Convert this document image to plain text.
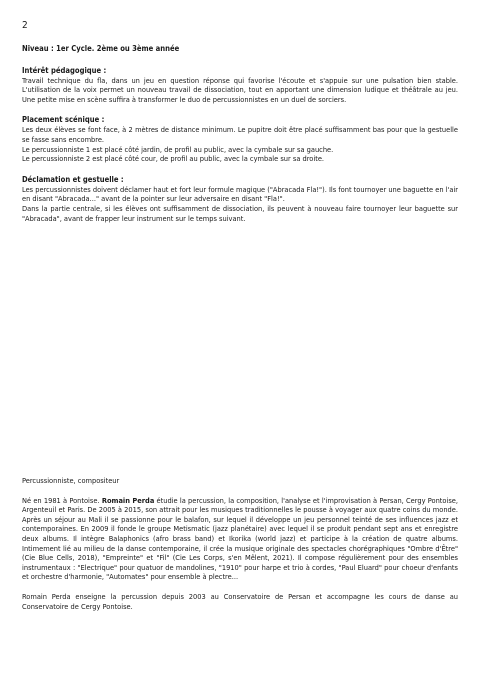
2
Niveau : 1er Cycle. 2ème ou 3ème année
Intérêt pédagogique :

Travail technique du fla, dans un jeu en question réponse qui favorise l'écoute et s'appuie sur une pulsation bien stable. L'utilisation de la voix permet un nouveau travail de dissociation, tout en apportant une dimension ludique et théâtrale au jeu. Une petite mise en scène suffira à transformer le duo de percussionnistes en un duel de sorciers.

Placement scénique :

Les deux élèves se font face, à 2 mètres de distance minimum. Le pupitre doit être placé suffisamment bas pour que la gestuelle se fasse sans encombre.

Le percussionniste 1 est placé côté jardin, de profil au public, avec la cymbale sur sa gauche.

Le percussionniste 2 est placé côté cour, de profil au public, avec la cymbale sur sa droite.

Déclamation et gestuelle :

Les percussionnistes doivent déclamer haut et fort leur formule magique ("Abracada Fla!"). Ils font tournoyer une baguette en l'air en disant "Abracada..." avant de la pointer sur leur adversaire en disant "Fla!".

Dans la partie centrale, si les élèves ont suffisamment de dissociation, ils peuvent à nouveau faire tournoyer leur baguette sur "Abracada", avant de frapper leur instrument sur le temps suivant.

Percussionniste, compositeur

Né en 1981 à Pontoise. Romain Perda étudie la percussion, la composition, l'analyse et l'improvisation à Persan, Cergy Pontoise, Argenteuil et Paris. De 2005 à 2015, son attrait pour les musiques traditionnelles le pousse à voyager aux quatre coins du monde. Après un séjour au Mali il se passionne pour le balafon, sur lequel il développe un jeu personnel teinté de ses influences jazz et contemporaines. En 2009 il fonde le groupe Metismatic (jazz planétaire) avec lequel il se produit pendant sept ans et enregistre deux albums. Il intègre Balaphonics (afro brass band) et Ikorika (world jazz) et participe à la création de quatre albums. Intimement lié au milieu de la danse contemporaine, il crée la musique originale des spectacles chorégraphiques "Ombre d'Être" (Cie Blue Cells, 2018), "Empreinte" et "Fil" (Cie Les Corps, s'en Mêlent, 2021). Il compose régulièrement pour des ensembles instrumentaux : "Electrique" pour quatuor de mandolines, "1910" pour harpe et trio à cordes, "Paul Eluard" pour choeur d'enfants et orchestre d'harmonie, "Automates" pour ensemble à plectre...

Romain Perda enseigne la percussion depuis 2003 au Conservatoire de Persan et accompagne les cours de danse au Conservatoire de Cergy Pontoise.
